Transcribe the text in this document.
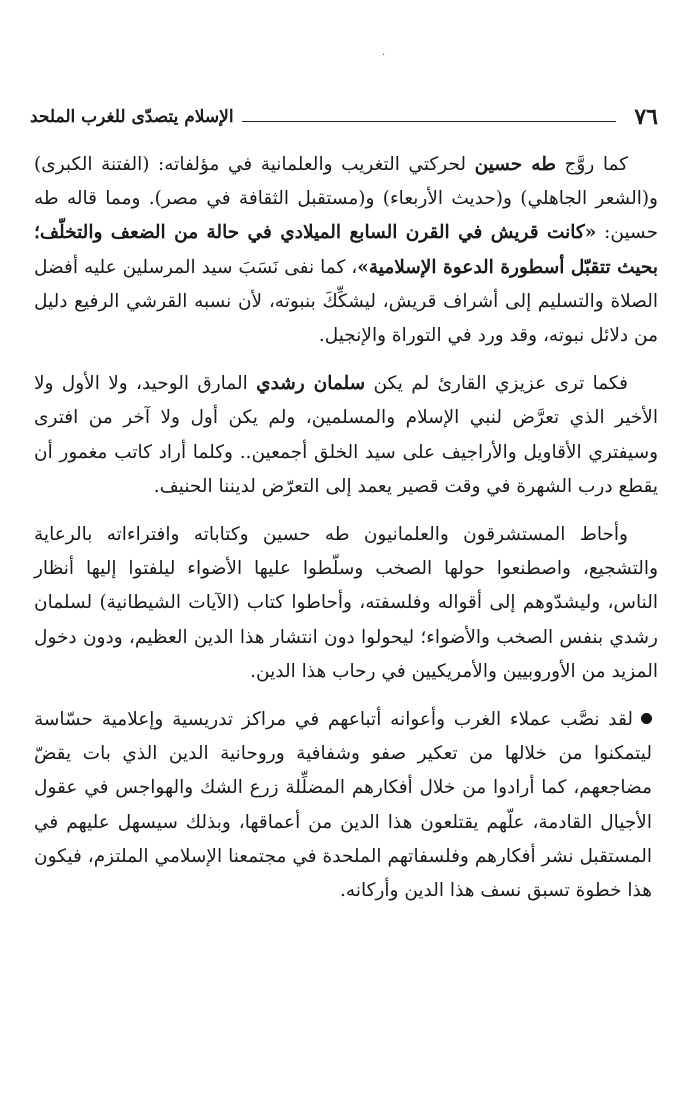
·
٧٦
الإسلام يتصدّى للغرب الملحد

كما روَّج طه حسين لحركتي التغريب والعلمانية في مؤلفاته: (الفتنة الكبرى) و(الشعر الجاهلي) و(حديث الأربعاء) و(مستقبل الثقافة في مصر). ومما قاله طه حسين: «كانت قريش في القرن السابع الميلادي في حالة من الضعف والتخلّف؛ بحيث تتقبّل أسطورة الدعوة الإسلامية»، كما نفى نَسَبَ سيد المرسلين عليه أفضل الصلاة والتسليم إلى أشراف قريش، ليشكِّكَ بنبوته، لأن نسبه القرشي الرفيع دليل من دلائل نبوته، وقد ورد في التوراة والإنجيل.

فكما ترى عزيزي القارئ لم يكن سلمان رشدي المارق الوحيد، ولا الأول ولا الأخير الذي تعرَّض لنبي الإسلام والمسلمين، ولم يكن أول ولا آخر من افترى وسيفتري الأقاويل والأراجيف على سيد الخلق أجمعين.. وكلما أراد كاتب مغمور أن يقطع درب الشهرة في وقت قصير يعمد إلى التعرّض لديننا الحنيف.

وأحاط المستشرقون والعلمانيون طه حسين وكتاباته وافتراءاته بالرعاية والتشجيع، واصطنعوا حولها الصخب وسلّطوا عليها الأضواء ليلفتوا إليها أنظار الناس، وليشدّوهم إلى أقواله وفلسفته، وأحاطوا كتاب (الآيات الشيطانية) لسلمان رشدي بنفس الصخب والأضواء؛ ليحولوا دون انتشار هذا الدين العظيم، ودون دخول المزيد من الأوروبيين والأمريكيين في رحاب هذا الدين.

لقد نصَّب عملاء الغرب وأعوانه أتباعهم في مراكز تدريسية وإعلامية حسّاسة ليتمكنوا من خلالها من تعكير صفو وشفافية وروحانية الدين الذي بات يقضّ مضاجعهم، كما أرادوا من خلال أفكارهم المضلِّلة زرع الشك والهواجس في عقول الأجيال القادمة، علّهم يقتلعون هذا الدين من أعماقها، وبذلك سيسهل عليهم في المستقبل نشر أفكارهم وفلسفاتهم الملحدة في مجتمعنا الإسلامي الملتزم، فيكون هذا خطوة تسبق نسف هذا الدين وأركانه.
